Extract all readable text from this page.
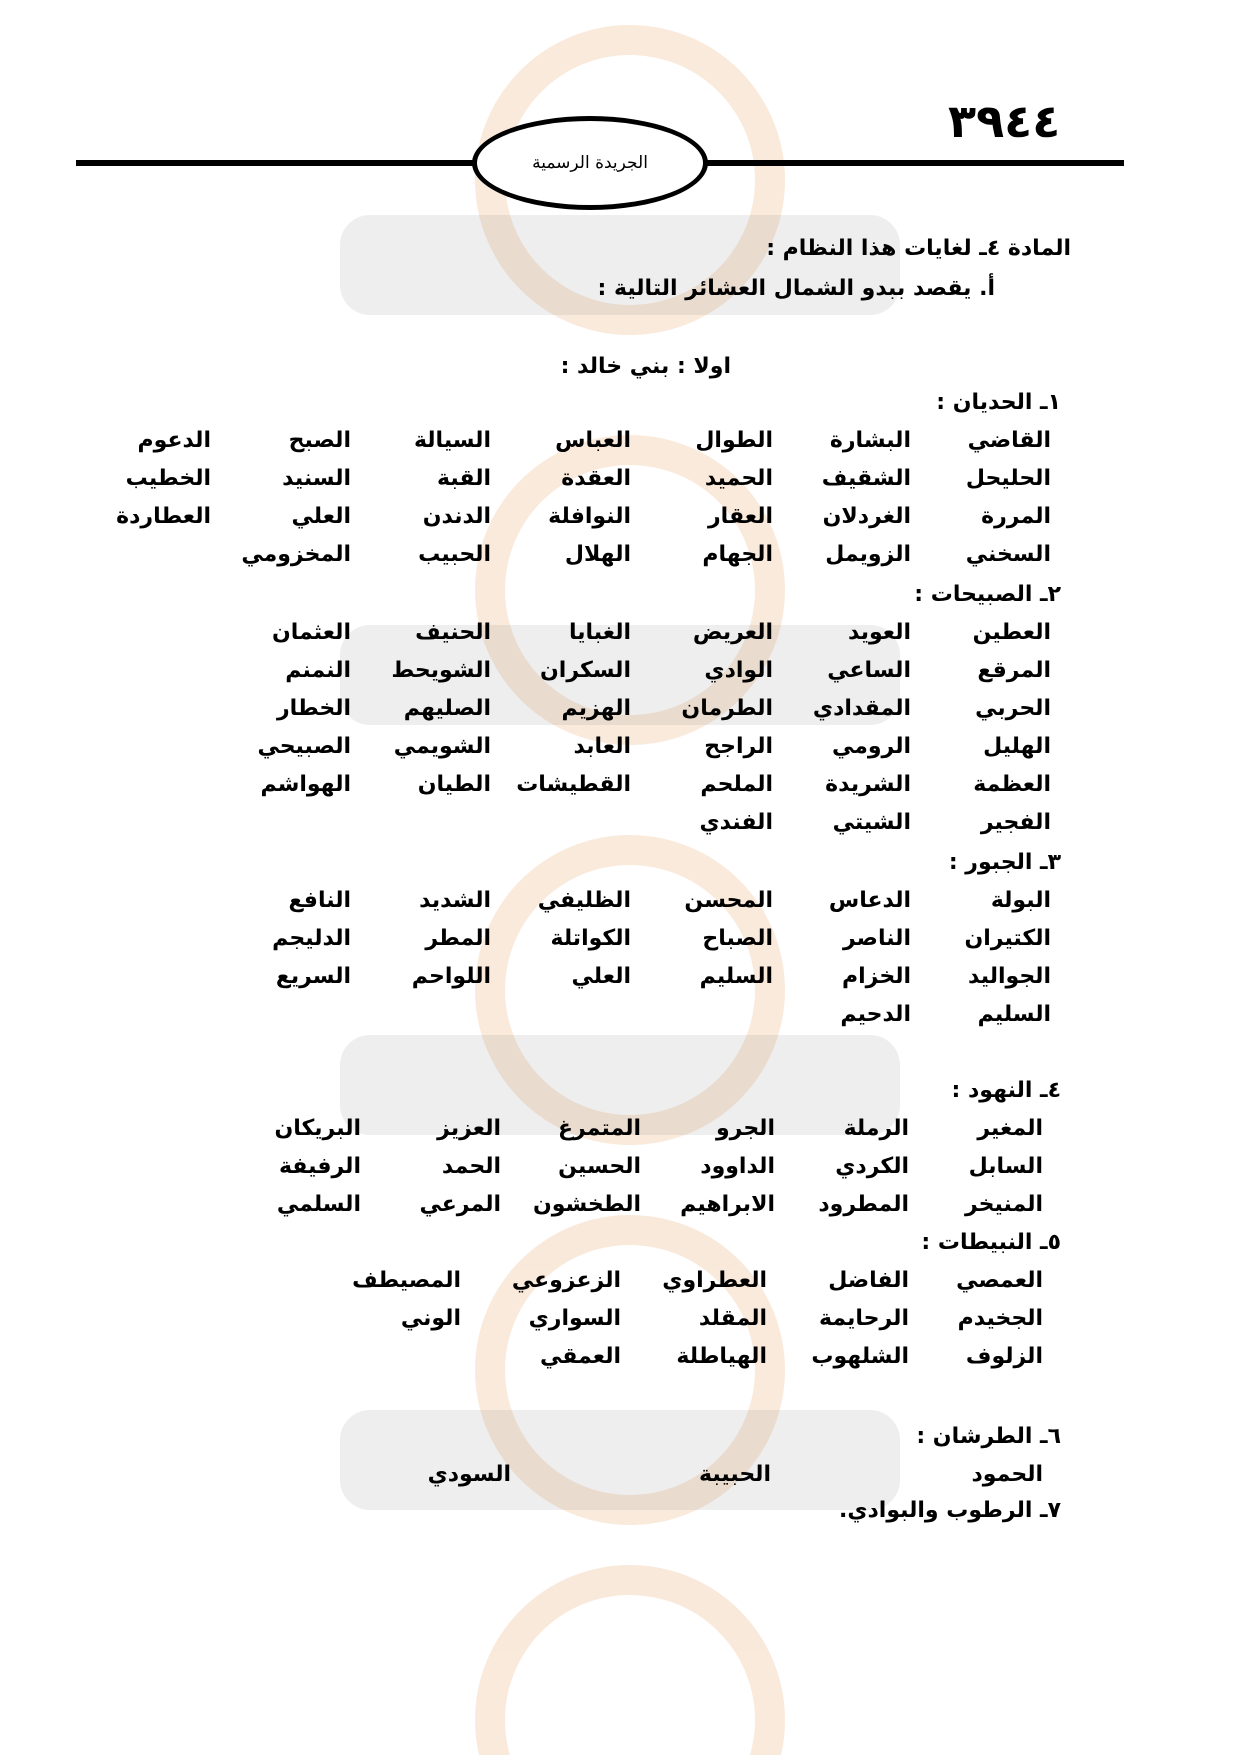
٣٩٤٤
الجريدة الرسمية
المادة ٤ـ لغايات هذا النظام :
أ. يقصد ببدو الشمال العشائر التالية :
اولا : بني خالد :
١ـ الحديان :
القاضي
البشارة
الطوال
العباس
السيالة
الصبح
الدعوم
الحليحل
الشقيف
الحميد
العقدة
القبة
السنيد
الخطيب
المررة
الغردلان
العقار
النوافلة
الدندن
العلي
العطاردة
السخني
الزويمل
الجهام
الهلال
الحبيب
المخزومي
٢ـ الصبيحات :
العطين
العويد
العريض
الغبايا
الحنيف
العثمان
المرقع
الساعي
الوادي
السكران
الشويحط
النمنم
الحربي
المقدادي
الطرمان
الهزيم
الصليهم
الخطار
الهليل
الرومي
الراجح
العابد
الشويمي
الصبيحي
العظمة
الشريدة
الملحم
القطيشات
الطيان
الهواشم
الفجير
الشيتي
الفندي
٣ـ الجبور :
البولة
الدعاس
المحسن
الظليفي
الشديد
النافع
الكتيران
الناصر
الصباح
الكواتلة
المطر
الدليجم
الجواليد
الخزام
السليم
العلي
اللواحم
السريع
السليم
الدحيم
٤ـ النهود :
المغير
الرملة
الجرو
المتمرغ
العزيز
البريكان
السابل
الكردي
الداوود
الحسين
الحمد
الرفيفة
المنيخر
المطرود
الابراهيم
الطخشون
المرعي
السلمي
٥ـ النبيطات :
العمصي
الفاضل
العطراوي
الزعزوعي
المصيطف
الجخيدم
الرحايمة
المقلد
السواري
الوني
الزلوف
الشلهوب
الهياطلة
العمقي
٦ـ الطرشان :
الحمود
الحبيبة
السودي
٧ـ الرطوب والبوادي.
